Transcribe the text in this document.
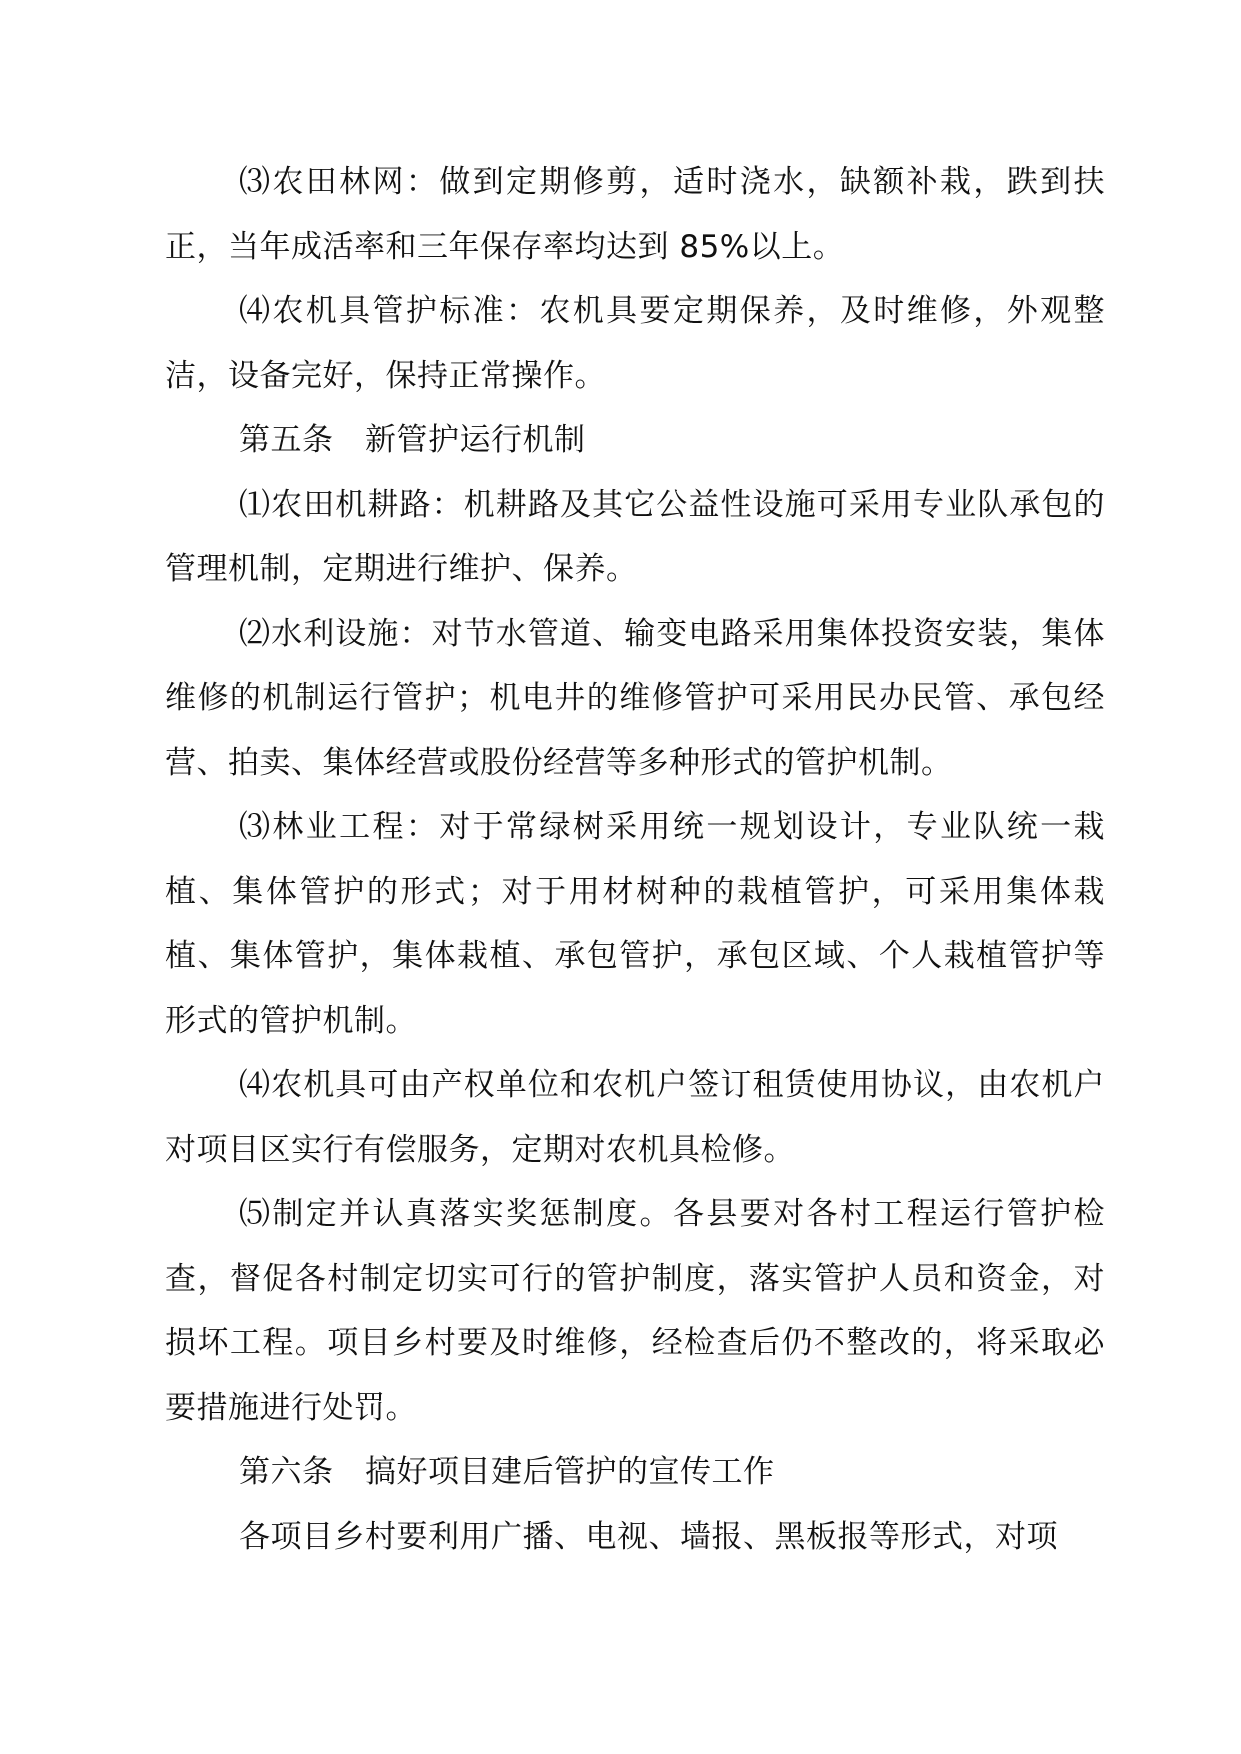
⑶农田林网：做到定期修剪，适时浇水，缺额补栽，跌到扶正，当年成活率和三年保存率均达到 85%以上。

⑷农机具管护标准：农机具要定期保养，及时维修，外观整洁，设备完好，保持正常操作。

第五条　新管护运行机制

⑴农田机耕路：机耕路及其它公益性设施可采用专业队承包的管理机制，定期进行维护、保养。

⑵水利设施：对节水管道、输变电路采用集体投资安装，集体维修的机制运行管护；机电井的维修管护可采用民办民管、承包经营、拍卖、集体经营或股份经营等多种形式的管护机制。

⑶林业工程：对于常绿树采用统一规划设计，专业队统一栽植、集体管护的形式；对于用材树种的栽植管护，可采用集体栽植、集体管护，集体栽植、承包管护，承包区域、个人栽植管护等形式的管护机制。

⑷农机具可由产权单位和农机户签订租赁使用协议，由农机户对项目区实行有偿服务，定期对农机具检修。

⑸制定并认真落实奖惩制度。各县要对各村工程运行管护检查，督促各村制定切实可行的管护制度，落实管护人员和资金，对损坏工程。项目乡村要及时维修，经检查后仍不整改的，将采取必要措施进行处罚。

第六条　搞好项目建后管护的宣传工作

各项目乡村要利用广播、电视、墙报、黑板报等形式，对项
